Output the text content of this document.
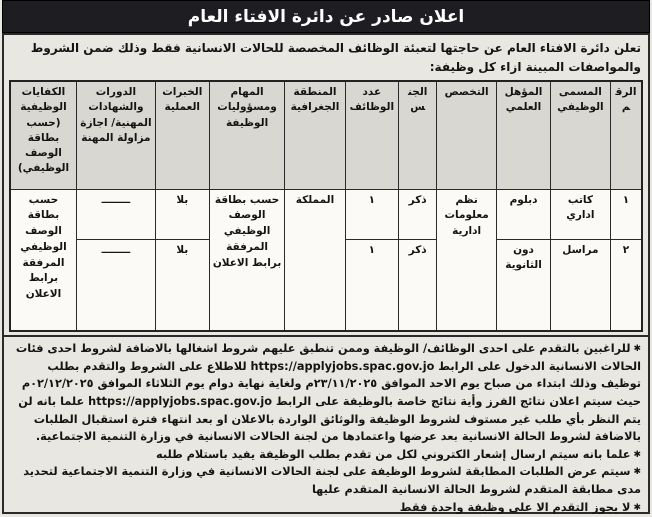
اعلان صادر عن دائرة الافتاء العام
تعلن دائرة الافتاء العام عن حاجتها لتعبئة الوظائف المخصصة للحالات الانسانية فقط وذلك ضمن الشروط والمواصفات المبينة ازاء كل وظيفة:
الرقم	المسمى الوظيفي	المؤهل العلمي	التخصص	الجنس	عدد الوظائف	المنطقة الجغرافية	المهام ومسؤوليات الوظيفة	الخبرات العملية	الدورات والشهادات المهنية/ اجازة مزاولة المهنة	الكفايات الوظيفية (حسب بطاقة الوصف الوظيفي)
١	كاتب اداري	دبلوم	نظم معلومات ادارية	ذكر	١	المملكة	حسب بطاقة الوصف الوظيفي المرفقة برابط الاعلان	بلا	ــــــــ	حسب بطاقة الوصف الوظيفي المرفقة برابط الاعلان
٢	مراسل	دون الثانوية		ذكر	١			بلا	ــــــــ	
✱للراغبين بالتقدم على احدى الوظائف/ الوظيفة وممن تنطبق عليهم شروط اشغالها بالاضافة لشروط احدى فئات الحالات الانسانية الدخول على الرابط https://applyjobs.spac.gov.jo للاطلاع على الشروط والتقدم بطلب توظيف وذلك ابتداء من صباح يوم الاحد الموافق ٢٣/١١/٢٠٢٥م ولغاية نهاية دوام يوم الثلاثاء الموافق ٠٢/١٢/٢٠٢٥م حيث سيتم اعلان نتائج الفرز وأية نتائج خاصة بالوظيفة على الرابط https://applyjobs.spac.gov.jo علما بانه لن يتم النظر بأي طلب غير مستوف لشروط الوظيفة والوثائق الواردة بالاعلان او بعد انتهاء فترة استقبال الطلبات بالاضافة لشروط الحالة الانسانية بعد عرضها واعتمادها من لجنة الحالات الانسانية في وزارة التنمية الاجتماعية.
✱علما بانه سيتم ارسال إشعار الكتروني لكل من تقدم بطلب الوظيفة يفيد باستلام طلبه
✱سيتم عرض الطلبات المطابقة لشروط الوظيفة على لجنة الحالات الانسانية في وزارة التنمية الاجتماعية لتحديد مدى مطابقة المتقدم لشروط الحالة الانسانية المتقدم عليها
✱لا يجوز التقدم الا على وظيفة واحدة فقط
